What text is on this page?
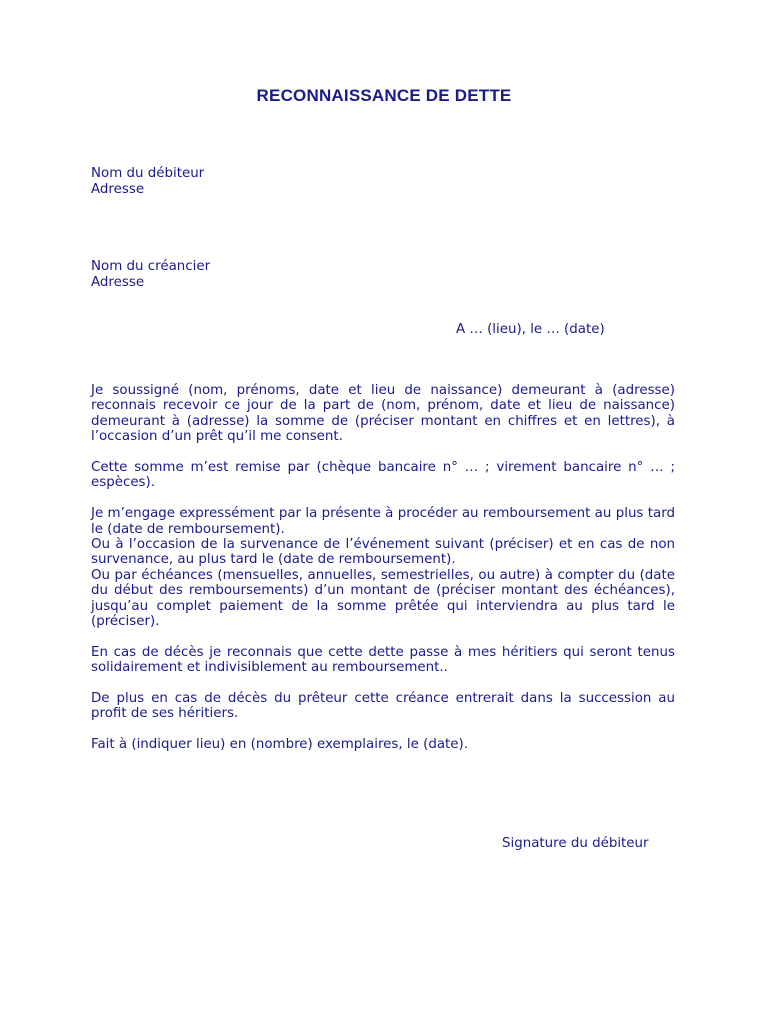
RECONNAISSANCE DE DETTE
Nom du débiteur
Adresse
Nom du créancier
Adresse
A … (lieu), le … (date)

Je soussigné (nom, prénoms, date et lieu de naissance) demeurant à (adresse) reconnais recevoir ce jour de la part de (nom, prénom, date et lieu de naissance) demeurant à (adresse) la somme de (préciser montant en chiffres et en lettres), à l’occasion d’un prêt qu’il me consent.

Cette somme m’est remise par (chèque bancaire n° … ; virement bancaire n° … ; espèces).

Je m’engage expressément par la présente à procéder au remboursement au plus tard le (date de remboursement).
Ou à l’occasion de la survenance de l’événement suivant (préciser) et en cas de non survenance, au plus tard le (date de remboursement).
Ou par échéances (mensuelles, annuelles, semestrielles, ou autre) à compter du (date du début des remboursements) d’un montant de (préciser montant des échéances), jusqu’au complet paiement de la somme prêtée qui interviendra au plus tard le (préciser).

En cas de décès je reconnais que cette dette passe à mes héritiers qui seront tenus solidairement et indivisiblement au remboursement..

De plus en cas de décès du prêteur cette créance entrerait dans la succession au profit de ses héritiers.

Fait à (indiquer lieu) en (nombre) exemplaires, le (date).

Signature du débiteur
